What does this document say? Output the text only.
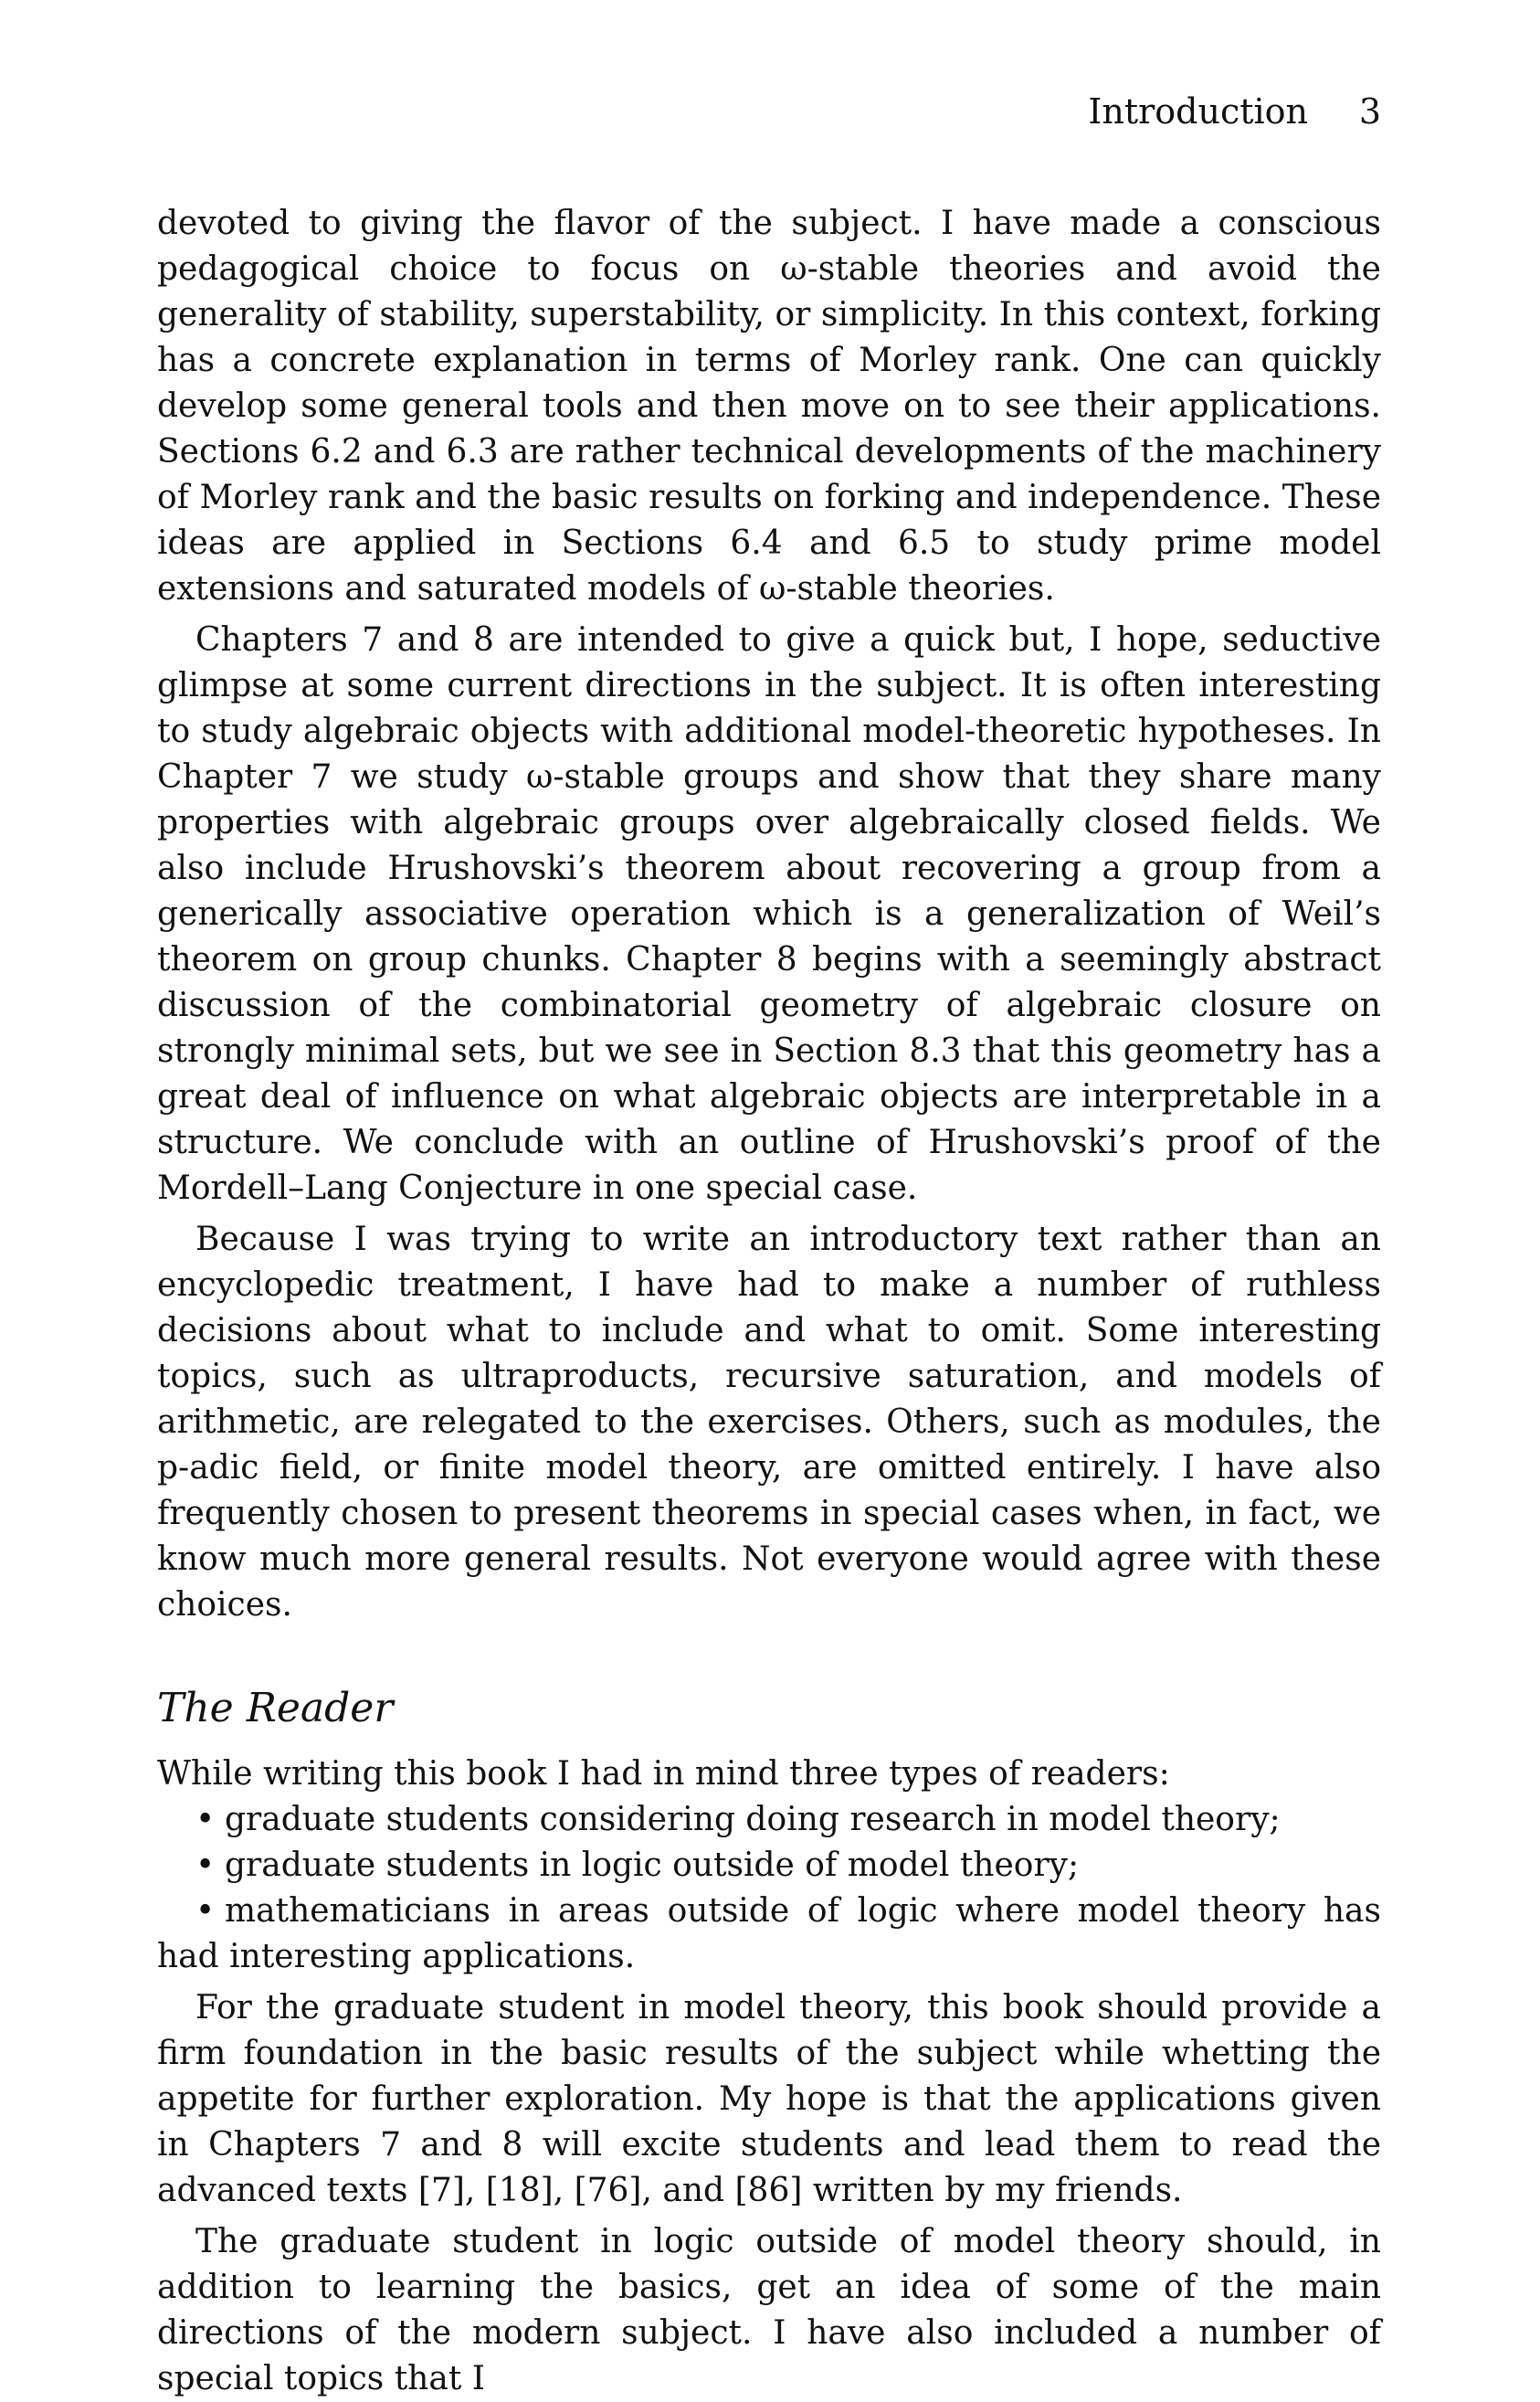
Introduction 3

devoted to giving the flavor of the subject. I have made a conscious pedagogical choice to focus on ω-stable theories and avoid the generality of stability, superstability, or simplicity. In this context, forking has a concrete explanation in terms of Morley rank. One can quickly develop some general tools and then move on to see their applications. Sections 6.2 and 6.3 are rather technical developments of the machinery of Morley rank and the basic results on forking and independence. These ideas are applied in Sections 6.4 and 6.5 to study prime model extensions and saturated models of ω-stable theories.

Chapters 7 and 8 are intended to give a quick but, I hope, seductive glimpse at some current directions in the subject. It is often interesting to study algebraic objects with additional model-theoretic hypotheses. In Chapter 7 we study ω-stable groups and show that they share many properties with algebraic groups over algebraically closed fields. We also include Hrushovski’s theorem about recovering a group from a generically associative operation which is a generalization of Weil’s theorem on group chunks. Chapter 8 begins with a seemingly abstract discussion of the combinatorial geometry of algebraic closure on strongly minimal sets, but we see in Section 8.3 that this geometry has a great deal of influence on what algebraic objects are interpretable in a structure. We conclude with an outline of Hrushovski’s proof of the Mordell–Lang Conjecture in one special case.

Because I was trying to write an introductory text rather than an encyclopedic treatment, I have had to make a number of ruthless decisions about what to include and what to omit. Some interesting topics, such as ultraproducts, recursive saturation, and models of arithmetic, are relegated to the exercises. Others, such as modules, the p-adic field, or finite model theory, are omitted entirely. I have also frequently chosen to present theorems in special cases when, in fact, we know much more general results. Not everyone would agree with these choices.

The Reader

While writing this book I had in mind three types of readers:

• graduate students considering doing research in model theory;

• graduate students in logic outside of model theory;

• mathematicians in areas outside of logic where model theory has had interesting applications.

For the graduate student in model theory, this book should provide a firm foundation in the basic results of the subject while whetting the appetite for further exploration. My hope is that the applications given in Chapters 7 and 8 will excite students and lead them to read the advanced texts [7], [18], [76], and [86] written by my friends.

The graduate student in logic outside of model theory should, in addition to learning the basics, get an idea of some of the main directions of the modern subject. I have also included a number of special topics that I
